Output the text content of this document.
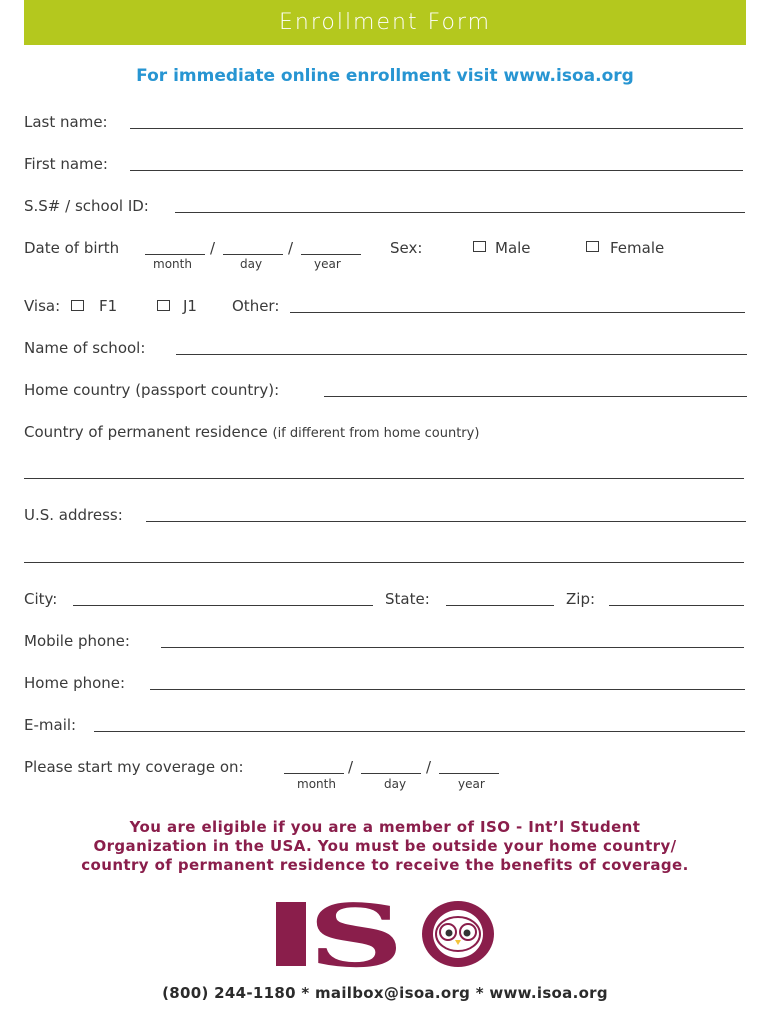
Enrollment Form
For immediate online enrollment visit www.isoa.org
Last name:
First name:
S.S# / school ID:
Date of birth	/	/
month	day	year
Sex:	Male	Female
Visa:	F1	J1 Other:
Name of school:
Home country (passport country):
Country of permanent residence (if different from home country)
U.S. address:
City:	State:	Zip:
Mobile phone:
Home phone:
E-mail:
Please start my coverage on:	/	/
month	day	year
You are eligible if you are a member of ISO - Int’l Student
Organization in the USA. You must be outside your home country/
country of permanent residence to receive the benefits of coverage.
S
(800) 244-1180 * mailbox@isoa.org * www.isoa.org
